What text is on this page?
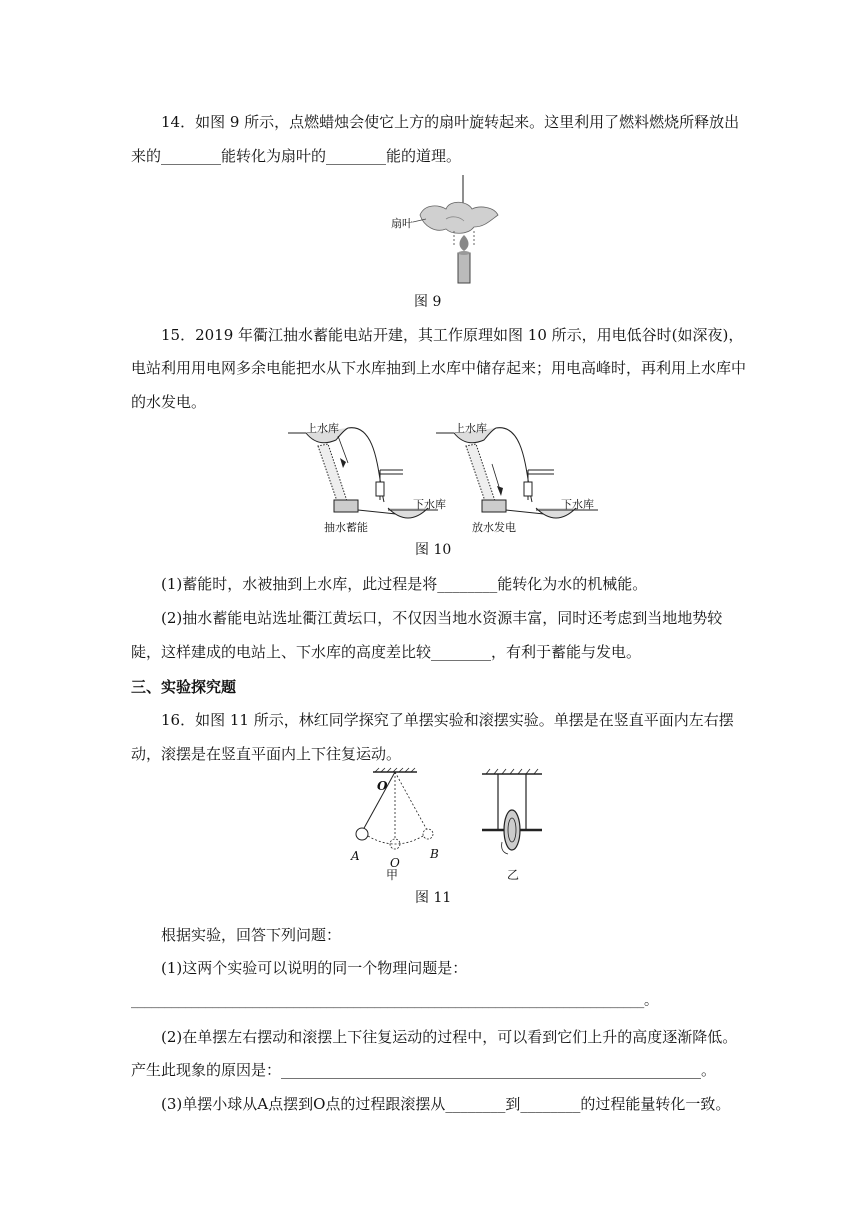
14．如图 9 所示，点燃蜡烛会使它上方的扇叶旋转起来。这里利用了燃料燃烧所释放出
来的________能转化为扇叶的________能的道理。
扇叶
图 9
15．2019 年衢江抽水蓄能电站开建，其工作原理如图 10 所示，用电低谷时(如深夜)，
电站利用用电网多余电能把水从下水库抽到上水库中储存起来；用电高峰时，再利用上水库中
的水发电。
上水库
下水库
抽水蓄能
上水库
下水库
放水发电
图 10
(1)蓄能时，水被抽到上水库，此过程是将________能转化为水的机械能。
(2)抽水蓄能电站选址衢江黄坛口，不仅因当地水资源丰富，同时还考虑到当地地势较
陡，这样建成的电站上、下水库的高度差比较________，有利于蓄能与发电。
三、实验探究题
16．如图 11 所示，林红同学探究了单摆实验和滚摆实验。单摆是在竖直平面内左右摆
动，滚摆是在竖直平面内上下往复运动。
O
A	O
B
甲	乙
图 11
根据实验，回答下列问题：
(1)这两个实验可以说明的同一个物理问题是：
____________________________________________________________________________。
(2)在单摆左右摆动和滚摆上下往复运动的过程中，可以看到它们上升的高度逐渐降低。
产生此现象的原因是：________________________________________________________。
(3)单摆小球从A点摆到O点的过程跟滚摆从________到________的过程能量转化一致。
